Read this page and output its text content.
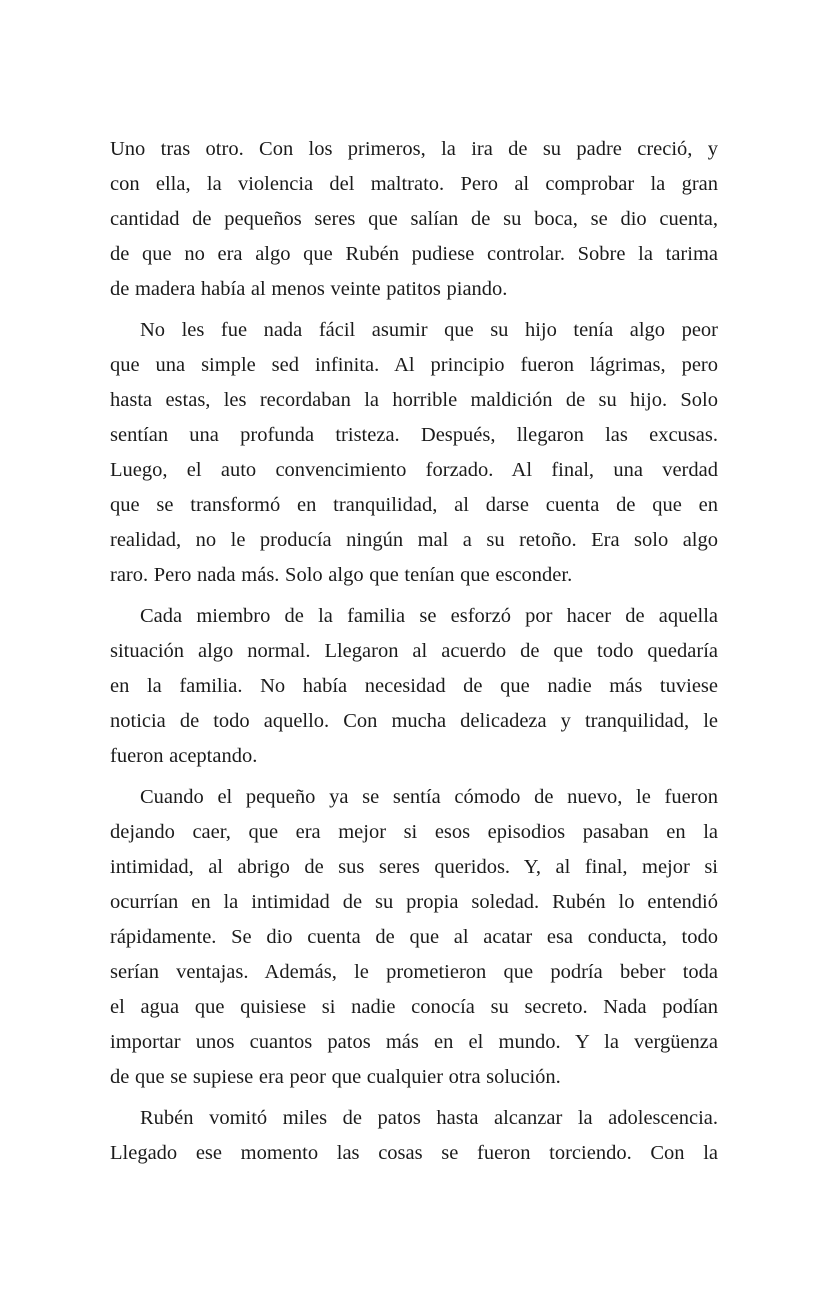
Uno tras otro. Con los primeros, la ira de su padre creció, y
con ella, la violencia del maltrato. Pero al comprobar la gran
cantidad de pequeños seres que salían de su boca, se dio cuenta,
de que no era algo que Rubén pudiese controlar. Sobre la tarima
de madera había al menos veinte patitos piando.
No les fue nada fácil asumir que su hijo tenía algo peor
que una simple sed infinita. Al principio fueron lágrimas, pero
hasta estas, les recordaban la horrible maldición de su hijo. Solo
sentían una profunda tristeza. Después, llegaron las excusas.
Luego, el auto convencimiento forzado. Al final, una verdad
que se transformó en tranquilidad, al darse cuenta de que en
realidad, no le producía ningún mal a su retoño. Era solo algo
raro. Pero nada más. Solo algo que tenían que esconder.
Cada miembro de la familia se esforzó por hacer de aquella
situación algo normal. Llegaron al acuerdo de que todo quedaría
en la familia. No había necesidad de que nadie más tuviese
noticia de todo aquello. Con mucha delicadeza y tranquilidad, le
fueron aceptando.
Cuando el pequeño ya se sentía cómodo de nuevo, le fueron
dejando caer, que era mejor si esos episodios pasaban en la
intimidad, al abrigo de sus seres queridos. Y, al final, mejor si
ocurrían en la intimidad de su propia soledad. Rubén lo entendió
rápidamente. Se dio cuenta de que al acatar esa conducta, todo
serían ventajas. Además, le prometieron que podría beber toda
el agua que quisiese si nadie conocía su secreto. Nada podían
importar unos cuantos patos más en el mundo. Y la vergüenza
de que se supiese era peor que cualquier otra solución.
Rubén vomitó miles de patos hasta alcanzar la adolescencia.
Llegado ese momento las cosas se fueron torciendo. Con la
